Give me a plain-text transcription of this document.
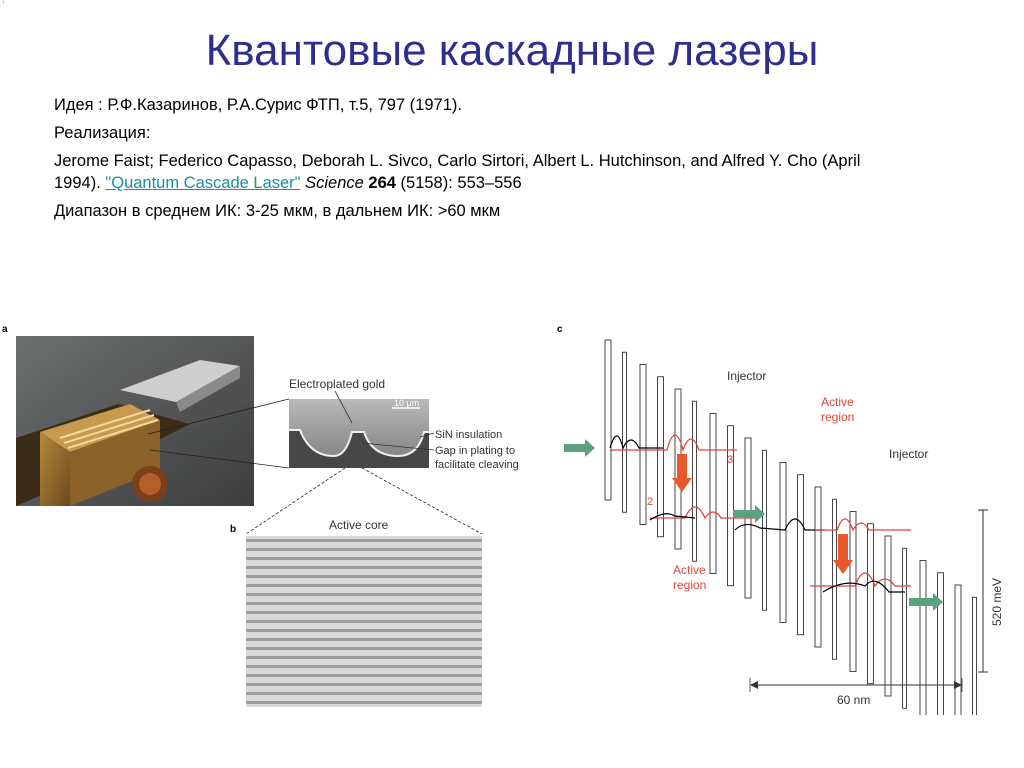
T
Квантовые каскадные лазеры

Идея : Р.Ф.Казаринов, Р.А.Сурис ФТП, т.5, 797 (1971).

Реализация:

Jerome Faist; Federico Capasso, Deborah L. Sivco, Carlo Sirtori, Albert L. Hutchinson, and Alfred Y. Cho (April 1994). "Quantum Cascade Laser" Science 264 (5158): 553–556

Диапазон в среднем ИК: 3-25 мкм, в дальнем ИК: >60 мкм

a
b
c
10 μm
Electroplated gold
SiN insulation
Gap in plating to
facilitate cleaving
Active core
Injector
Injector
Active
region
Active
region
3
2
520 meV
60 nm
